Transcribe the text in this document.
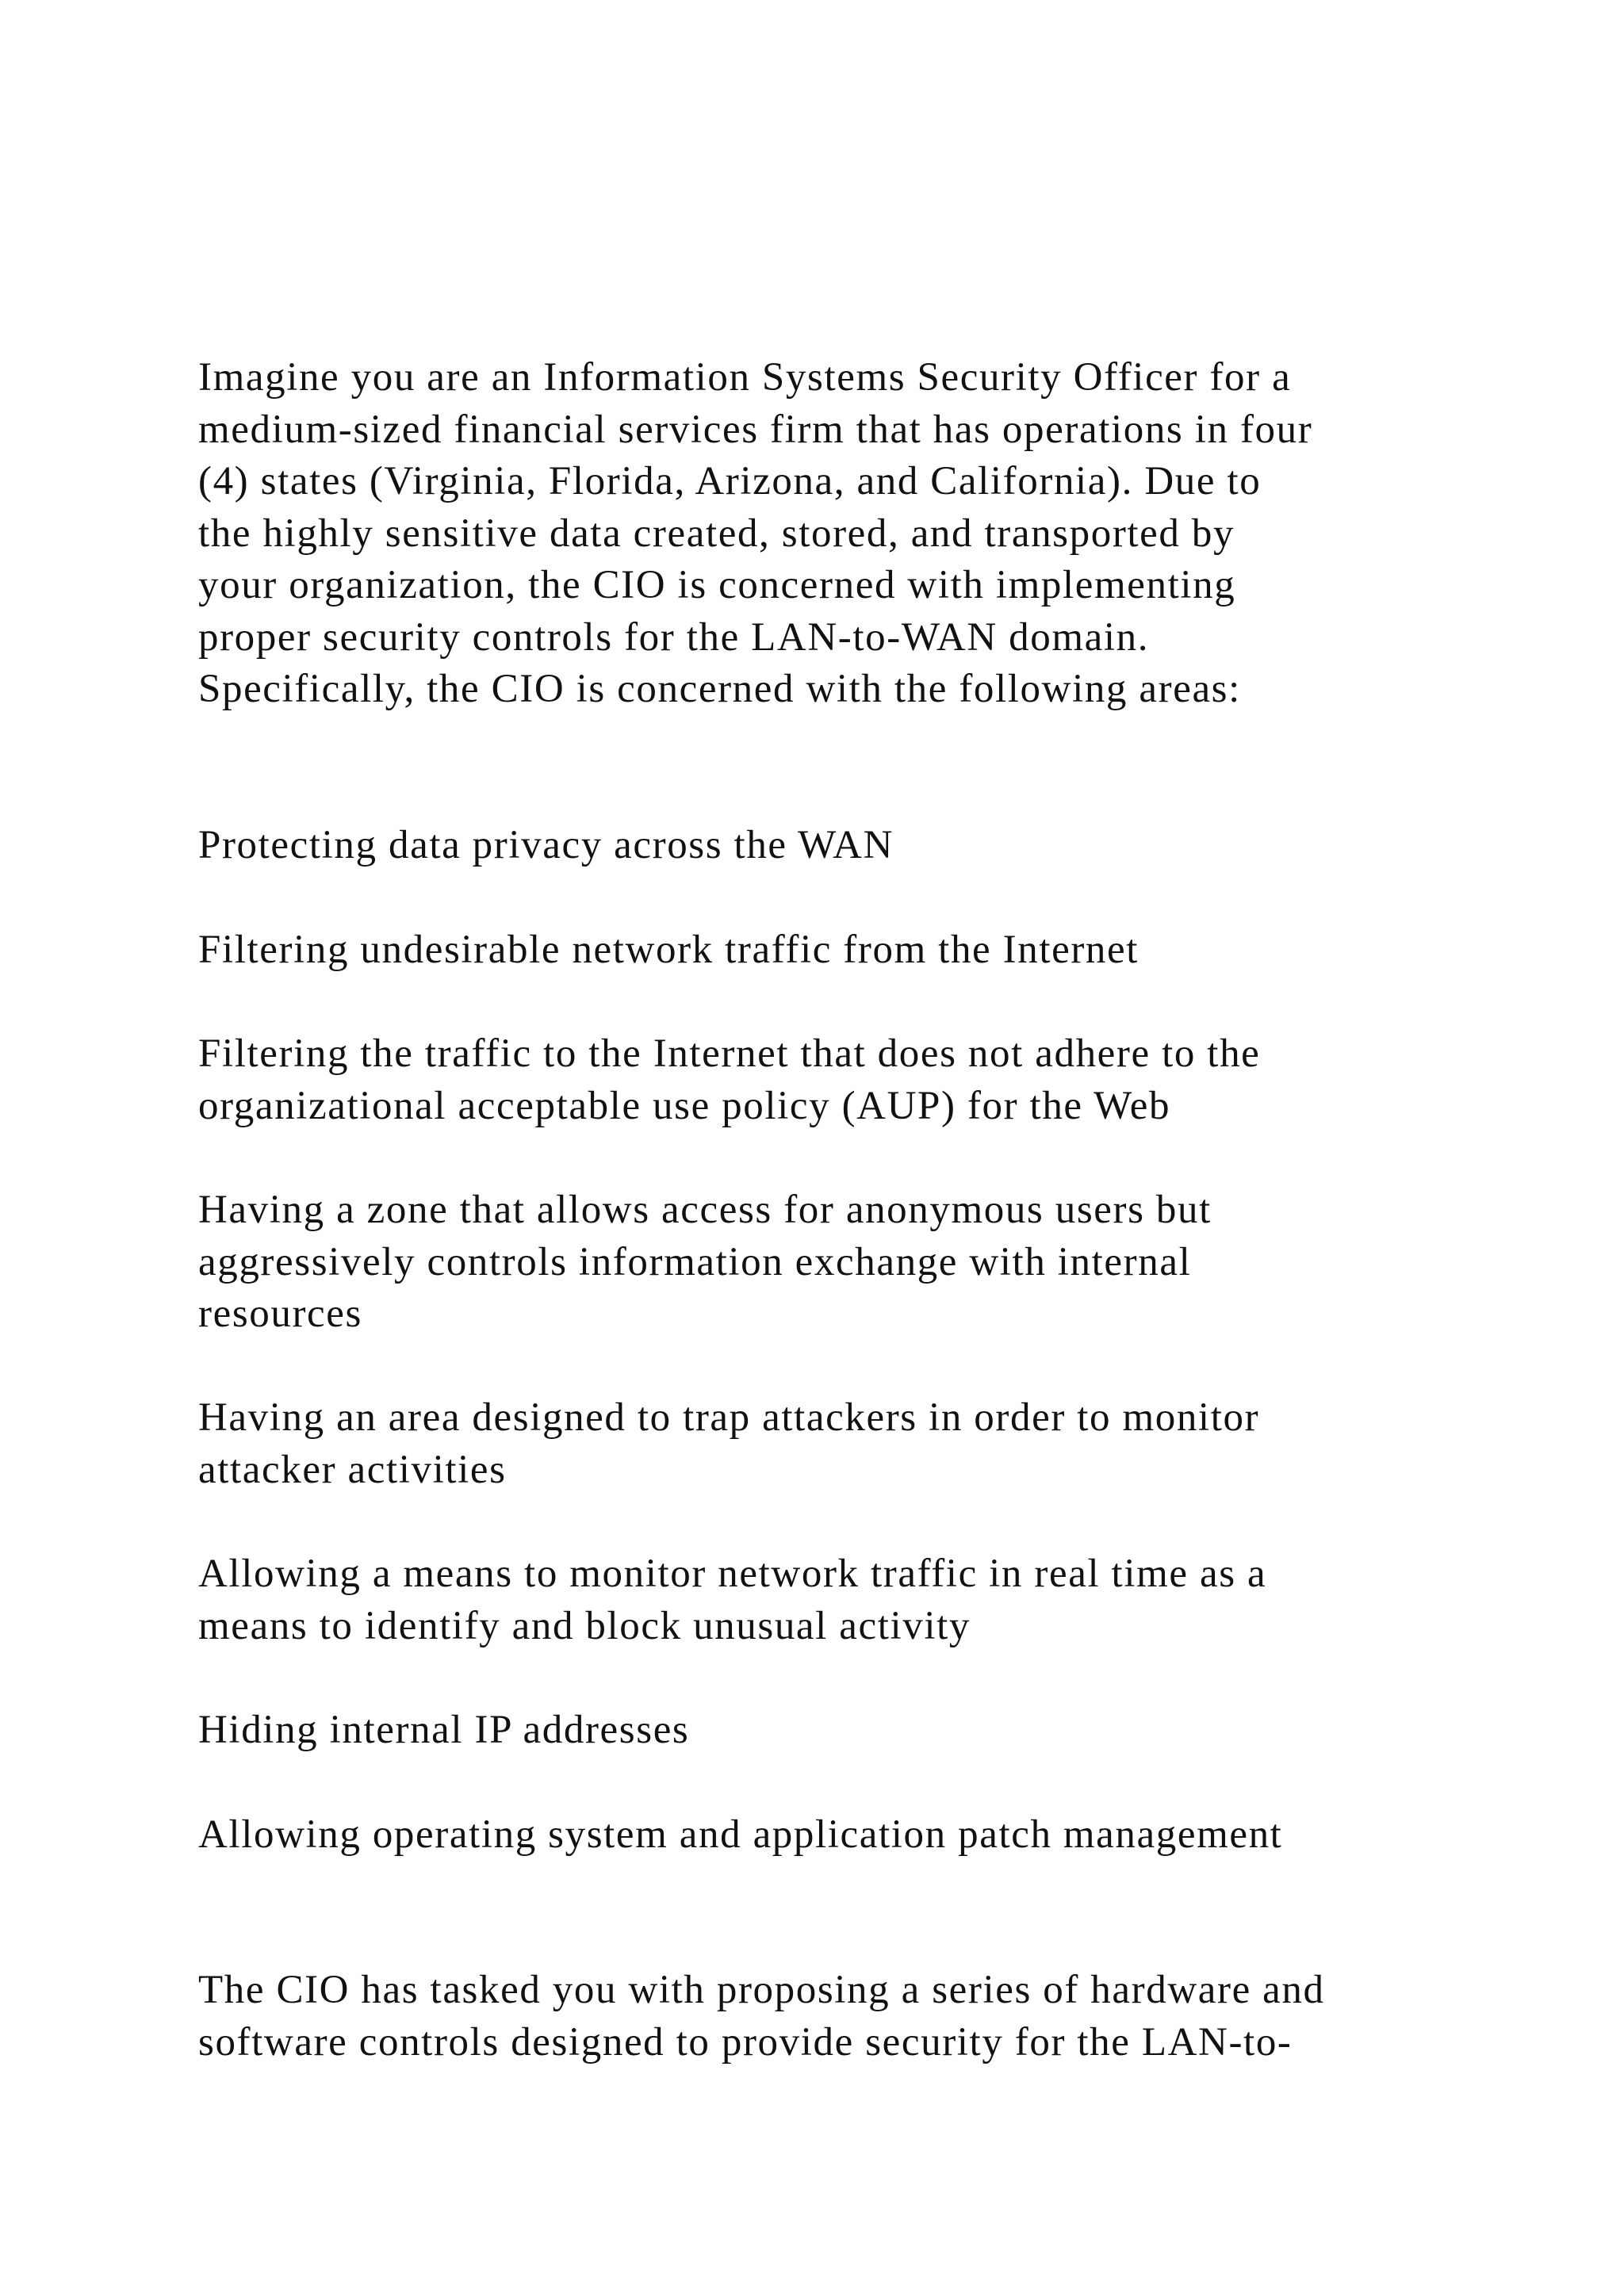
Imagine you are an Information Systems Security Officer for a
medium-sized financial services firm that has operations in four
(4) states (Virginia, Florida, Arizona, and California). Due to
the highly sensitive data created, stored, and transported by
your organization, the CIO is concerned with implementing
proper security controls for the LAN-to-WAN domain.
Specifically, the CIO is concerned with the following areas:
Protecting data privacy across the WAN
Filtering undesirable network traffic from the Internet
Filtering the traffic to the Internet that does not adhere to the
organizational acceptable use policy (AUP) for the Web
Having a zone that allows access for anonymous users but
aggressively controls information exchange with internal
resources
Having an area designed to trap attackers in order to monitor
attacker activities
Allowing a means to monitor network traffic in real time as a
means to identify and block unusual activity
Hiding internal IP addresses
Allowing operating system and application patch management
The CIO has tasked you with proposing a series of hardware and
software controls designed to provide security for the LAN-to-
